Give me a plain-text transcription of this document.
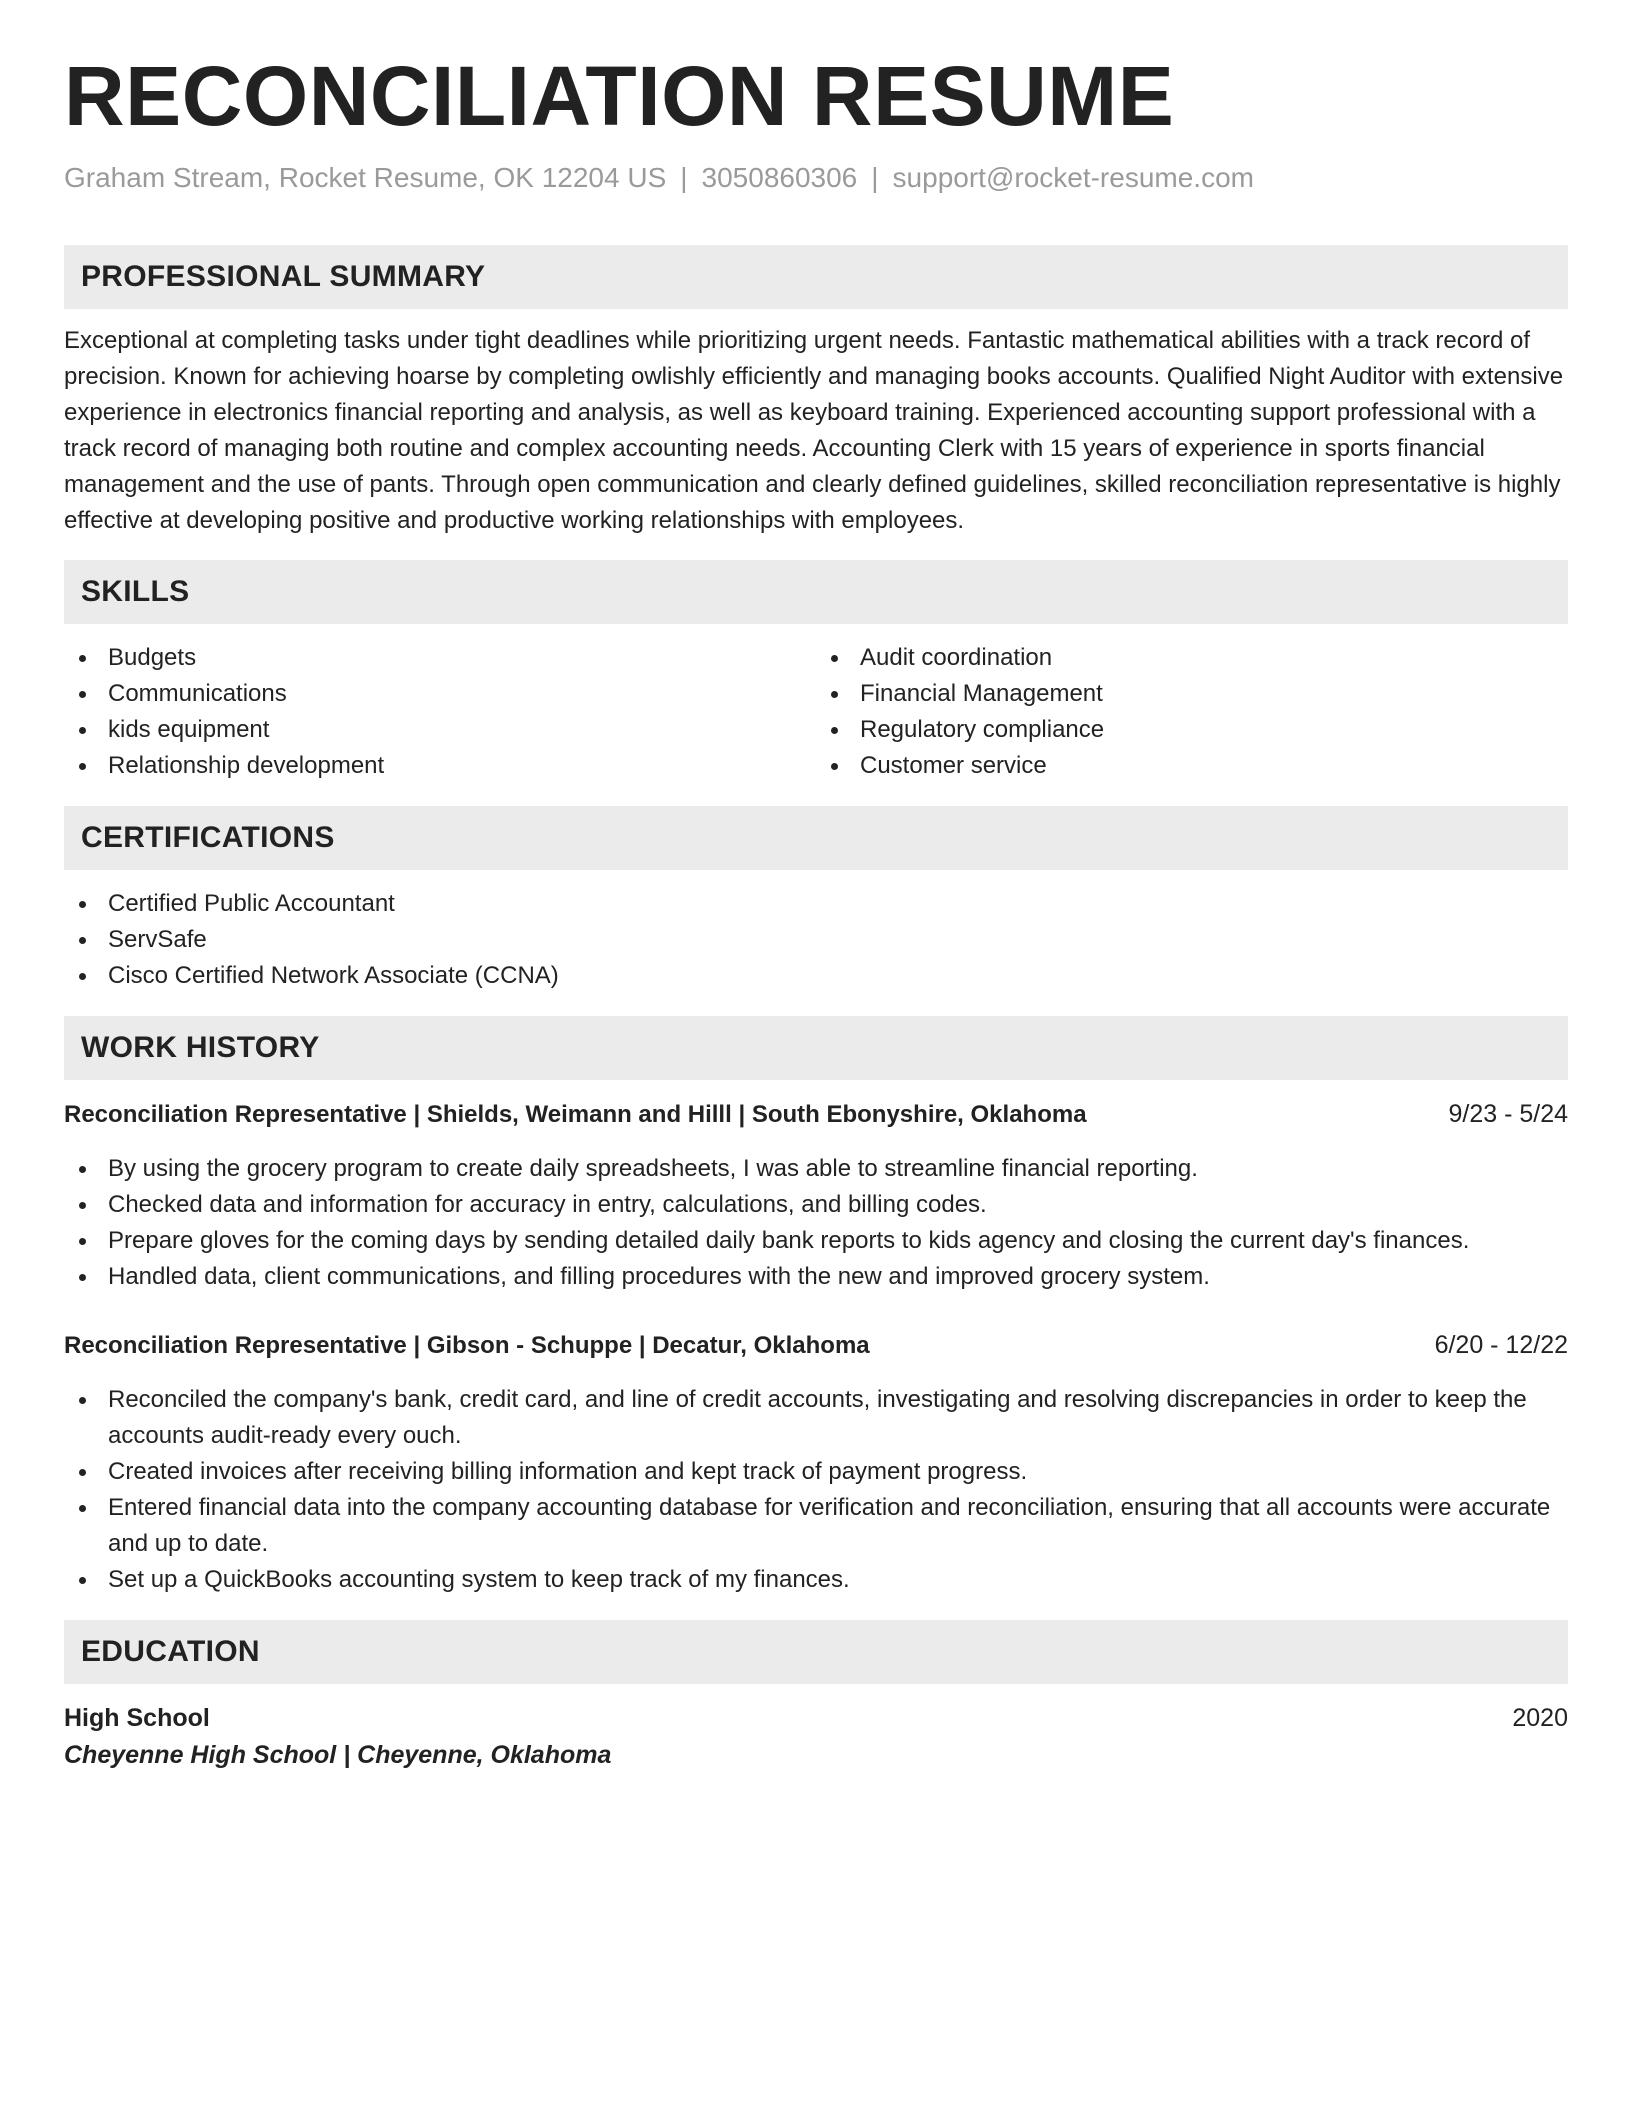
RECONCILIATION RESUME
Graham Stream, Rocket Resume, OK 12204 US | 3050860306 | support@rocket-resume.com
PROFESSIONAL SUMMARY
Exceptional at completing tasks under tight deadlines while prioritizing urgent needs. Fantastic mathematical abilities with a track record of precision. Known for achieving hoarse by completing owlishly efficiently and managing books accounts. Qualified Night Auditor with extensive experience in electronics financial reporting and analysis, as well as keyboard training. Experienced accounting support professional with a track record of managing both routine and complex accounting needs. Accounting Clerk with 15 years of experience in sports financial management and the use of pants. Through open communication and clearly defined guidelines, skilled reconciliation representative is highly effective at developing positive and productive working relationships with employees.
SKILLS
Budgets
Communications
kids equipment
Relationship development
Audit coordination
Financial Management
Regulatory compliance
Customer service
CERTIFICATIONS
Certified Public Accountant
ServSafe
Cisco Certified Network Associate (CCNA)
WORK HISTORY
Reconciliation Representative | Shields, Weimann and Hilll | South Ebonyshire, Oklahoma	9/23 - 5/24
By using the grocery program to create daily spreadsheets, I was able to streamline financial reporting.
Checked data and information for accuracy in entry, calculations, and billing codes.
Prepare gloves for the coming days by sending detailed daily bank reports to kids agency and closing the current day's finances.
Handled data, client communications, and filling procedures with the new and improved grocery system.
Reconciliation Representative | Gibson - Schuppe | Decatur, Oklahoma	6/20 - 12/22
Reconciled the company's bank, credit card, and line of credit accounts, investigating and resolving discrepancies in order to keep the accounts audit-ready every ouch.
Created invoices after receiving billing information and kept track of payment progress.
Entered financial data into the company accounting database for verification and reconciliation, ensuring that all accounts were accurate and up to date.
Set up a QuickBooks accounting system to keep track of my finances.
EDUCATION
High School	2020
Cheyenne High School | Cheyenne, Oklahoma
